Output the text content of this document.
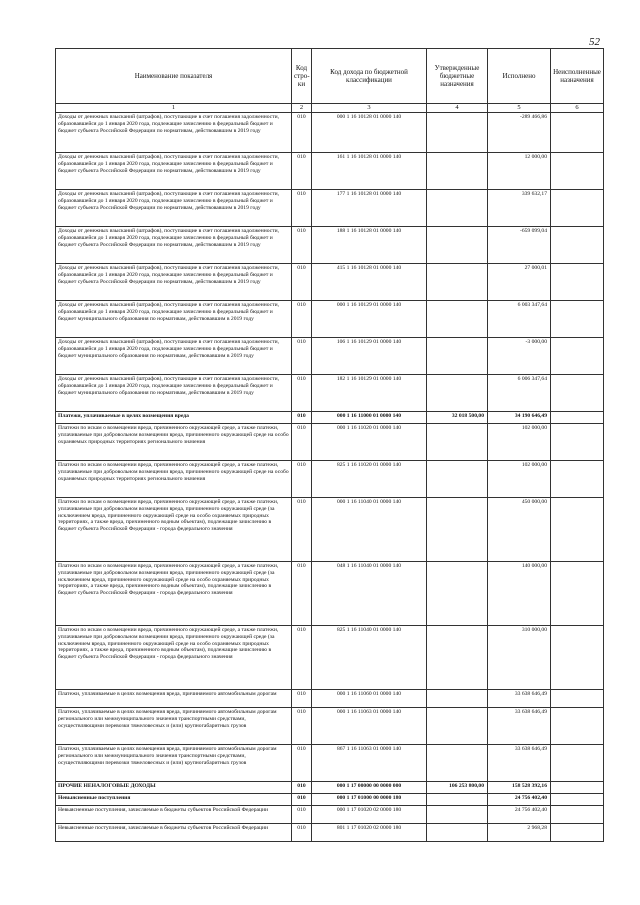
52
Наименование показателя	Код стро-ки	Код дохода по бюджетной классификации	Утвержденные бюджетные назначения	Исполнено	Неисполненные назначения
1	2	3	4	5	6
Доходы от денежных взысканий (штрафов), поступающие в счет погашения задолженности, образовавшейся до 1 января 2020 года, подлежащие зачислению в федеральный бюджет и бюджет субъекта Российской Федерации по нормативам, действовавшим в 2019 году	010	000 1 16 10128 01 0000 140		-289 466,86	
Доходы от денежных взысканий (штрафов), поступающие в счет погашения задолженности, образовавшейся до 1 января 2020 года, подлежащие зачислению в федеральный бюджет и бюджет субъекта Российской Федерации по нормативам, действовавшим в 2019 году	010	161 1 16 10128 01 0000 140		12 000,00	
Доходы от денежных взысканий (штрафов), поступающие в счет погашения задолженности, образовавшейся до 1 января 2020 года, подлежащие зачислению в федеральный бюджет и бюджет субъекта Российской Федерации по нормативам, действовавшим в 2019 году	010	177 1 16 10128 01 0000 140		339 632,17	
Доходы от денежных взысканий (штрафов), поступающие в счет погашения задолженности, образовавшейся до 1 января 2020 года, подлежащие зачислению в федеральный бюджет и бюджет субъекта Российской Федерации по нормативам, действовавшим в 2019 году	010	188 1 16 10128 01 0000 140		-659 099,04	
Доходы от денежных взысканий (штрафов), поступающие в счет погашения задолженности, образовавшейся до 1 января 2020 года, подлежащие зачислению в федеральный бюджет и бюджет субъекта Российской Федерации по нормативам, действовавшим в 2019 году	010	415 1 16 10128 01 0000 140		27 000,01	
Доходы от денежных взысканий (штрафов), поступающие в счет погашения задолженности, образовавшейся до 1 января 2020 года, подлежащие зачислению в федеральный бюджет и бюджет муниципального образования по нормативам, действовавшим в 2019 году	010	000 1 16 10129 01 0000 140		6 003 347,64	
Доходы от денежных взысканий (штрафов), поступающие в счет погашения задолженности, образовавшейся до 1 января 2020 года, подлежащие зачислению в федеральный бюджет и бюджет муниципального образования по нормативам, действовавшим в 2019 году	010	106 1 16 10129 01 0000 140		-3 000,00	
Доходы от денежных взысканий (штрафов), поступающие в счет погашения задолженности, образовавшейся до 1 января 2020 года, подлежащие зачислению в федеральный бюджет и бюджет муниципального образования по нормативам, действовавшим в 2019 году	010	182 1 16 10129 01 0000 140		6 006 347,64	
Платежи, уплачиваемые в целях возмещения вреда	010	000 1 16 11000 01 0000 140	32 018 500,00	34 190 646,49	
Платежи по искам о возмещении вреда, причиненного окружающей среде, а также платежи, уплачиваемые при добровольном возмещении вреда, причиненного окружающей среде на особо охраняемых природных территориях регионального значения	010	000 1 16 11020 01 0000 140		102 000,00	
Платежи по искам о возмещении вреда, причиненного окружающей среде, а также платежи, уплачиваемые при добровольном возмещении вреда, причиненного окружающей среде на особо охраняемых природных территориях регионального значения	010	825 1 16 11020 01 0000 140		102 000,00	
Платежи по искам о возмещении вреда, причиненного окружающей среде, а также платежи, уплачиваемые при добровольном возмещении вреда, причиненного окружающей среде (за исключением вреда, причиненного окружающей среде на особо охраняемых природных территориях, а также вреда, причиненного водным объектам), подлежащие зачислению в бюджет субъекта Российской Федерации - города федерального значения	010	000 1 16 11040 01 0000 140		450 000,00	
Платежи по искам о возмещении вреда, причиненного окружающей среде, а также платежи, уплачиваемые при добровольном возмещении вреда, причиненного окружающей среде (за исключением вреда, причиненного окружающей среде на особо охраняемых природных территориях, а также вреда, причиненного водным объектам), подлежащие зачислению в бюджет субъекта Российской Федерации - города федерального значения	010	048 1 16 11040 01 0000 140		140 000,00	
Платежи по искам о возмещении вреда, причиненного окружающей среде, а также платежи, уплачиваемые при добровольном возмещении вреда, причиненного окружающей среде (за исключением вреда, причиненного окружающей среде на особо охраняемых природных территориях, а также вреда, причиненного водным объектам), подлежащие зачислению в бюджет субъекта Российской Федерации - города федерального значения	010	825 1 16 11040 01 0000 140		310 000,00	
Платежи, уплачиваемые в целях возмещения вреда, причиняемого автомобильным дорогам	010	000 1 16 11060 01 0000 140		33 638 646,49	
Платежи, уплачиваемые в целях возмещения вреда, причиняемого автомобильным дорогам регионального или межмуниципального значения транспортными средствами, осуществляющими перевозки тяжеловесных и (или) крупногабаритных грузов	010	000 1 16 11063 01 0000 140		33 638 646,49	
Платежи, уплачиваемые в целях возмещения вреда, причиняемого автомобильным дорогам регионального или межмуниципального значения транспортными средствами, осуществляющими перевозки тяжеловесных и (или) крупногабаритных грузов	010	867 1 16 11063 01 0000 140		33 638 646,49	
ПРОЧИЕ НЕНАЛОГОВЫЕ ДОХОДЫ	010	000 1 17 00000 00 0000 000	106 253 800,00	158 528 392,16	
Невыясненные поступления	010	000 1 17 01000 00 0000 180		24 756 402,40	
Невыясненные поступления, зачисляемые в бюджеты субъектов Российской Федерации	010	000 1 17 01020 02 0000 180		24 756 402,40	
Невыясненные поступления, зачисляемые в бюджеты субъектов Российской Федерации	010	801 1 17 01020 02 0000 180		2 968,28	
